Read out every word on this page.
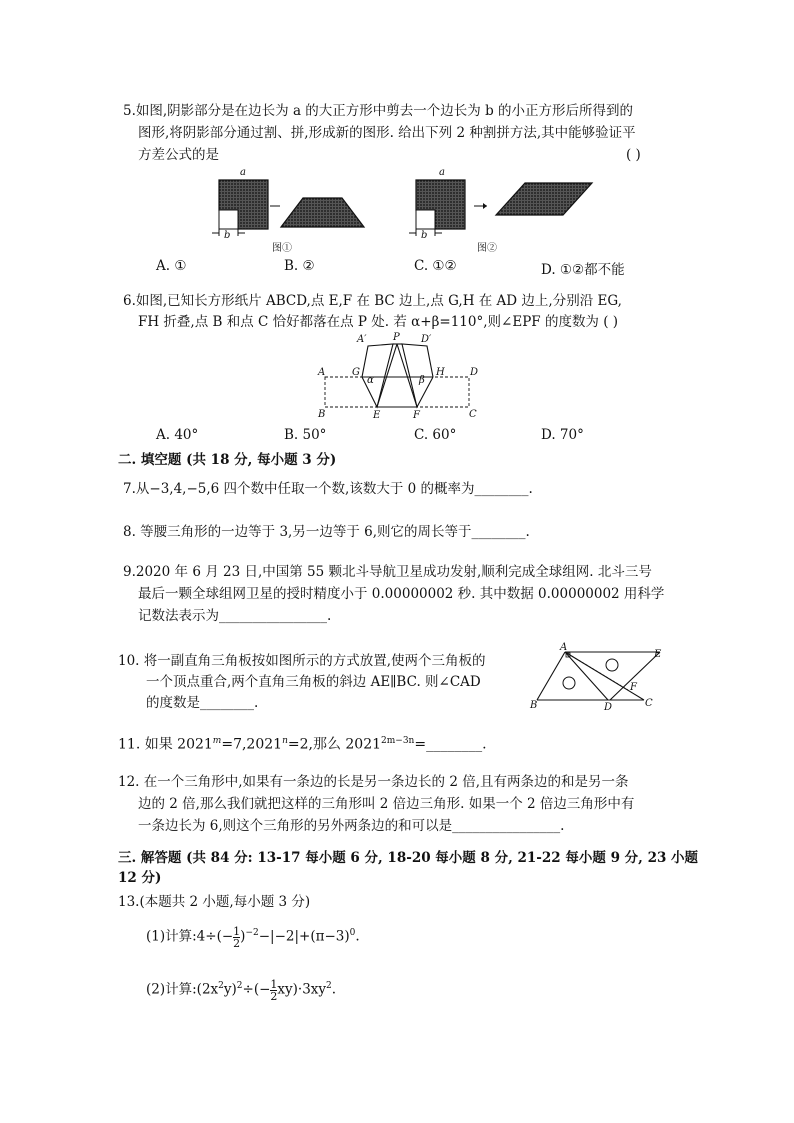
5.如图,阴影部分是在边长为 a 的大正方形中剪去一个边长为 b 的小正方形后所得到的
图形,将阴影部分通过割、拼,形成新的图形. 给出下列 2 种割拼方法,其中能够验证平
方差公式的是	( )
a
b
图①
a
b
图②
A. ①	B. ②	C. ①②	D. ①②都不能
6.如图,已知长方形纸片 ABCD,点 E,F 在 BC 边上,点 G,H 在 AD 边上,分别沿 EG,
FH 折叠,点 B 和点 C 恰好都落在点 P 处. 若 α+β=110°,则∠EPF 的度数为 ( )
A′	P D′
A	G
α	β
H	D
B	E	F	C
A. 40°	B. 50°	C. 60°	D. 70°
二. 填空题 (共 18 分, 每小题 3 分)
7.从−3,4,−5,6 四个数中任取一个数,该数大于 0 的概率为________.
8. 等腰三角形的一边等于 3,另一边等于 6,则它的周长等于________.
9.2020 年 6 月 23 日,中国第 55 颗北斗导航卫星成功发射,顺利完成全球组网. 北斗三号
最后一颗全球组网卫星的授时精度小于 0.00000002 秒. 其中数据 0.00000002 用科学
记数法表示为________________.
10. 将一副直角三角板按如图所示的方式放置,使两个三角板的
一个顶点重合,两个直角三角板的斜边 AE∥BC. 则∠CAD
的度数是________.
A
E
F
B	D	C
11. 如果 $2021^m=7,2021^n=2$,那么 $2021^{2m-3n}=\_\_\_\_\_\_\_\_$.
12. 在一个三角形中,如果有一条边的长是另一条边长的 2 倍,且有两条边的和是另一条
边的 2 倍,那么我们就把这样的三角形叫 2 倍边三角形. 如果一个 2 倍边三角形中有
一条边长为 6,则这个三角形的另外两条边的和可以是________________.
三. 解答题 (共 84 分: 13-17 每小题 6 分, 18-20 每小题 8 分, 21-22 每小题 9 分, 23 小题
12 分)
13.(本题共 2 小题,每小题 3 分)
(1)计算:4÷(− $\frac{1}{2} )^{-2}-|-2|+(\pi-3)^0$.
(2)计算$:(2x^2y)^2\div(- \frac{1}{2} xy)\cdot 3xy^2$.
